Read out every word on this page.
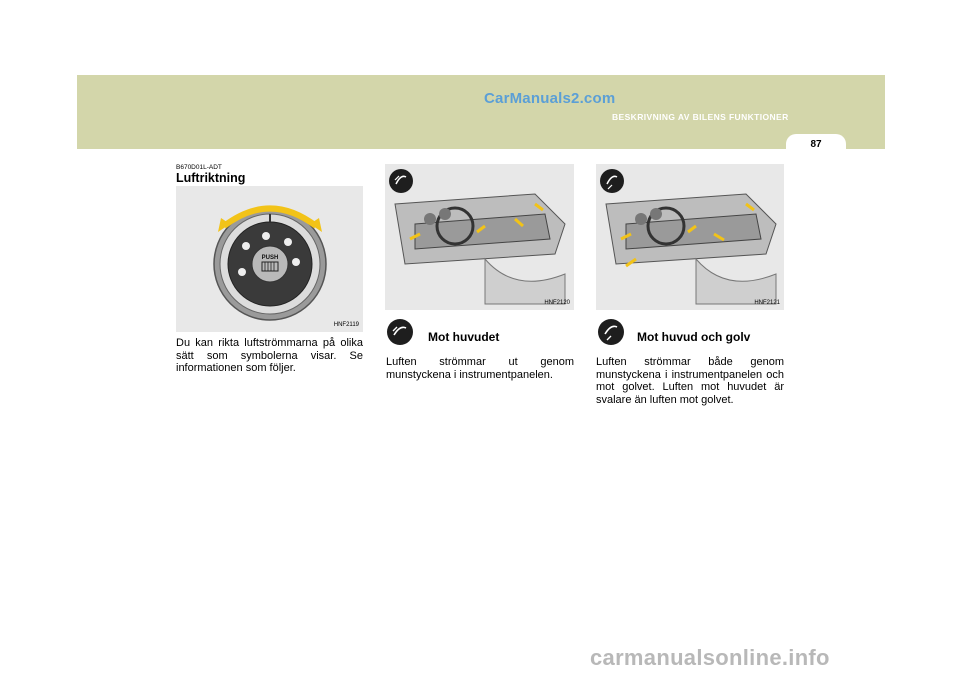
CarManuals2.com
BESKRIVNING AV BILENS FUNKTIONER
87
B670D01L-ADT
Luftriktning
PUSH
HNF2119
Du kan rikta luftströmmarna på olika sätt som symbolerna visar. Se informationen som följer.
HNF2120
Mot huvudet
Luften strömmar ut genom munstyckena i instrumentpanelen.
HNF2121
Mot huvud och golv
Luften strömmar både genom munstyckena i instrumentpanelen och mot golvet. Luften mot huvudet är svalare än luften mot golvet.
carmanualsonline.info
